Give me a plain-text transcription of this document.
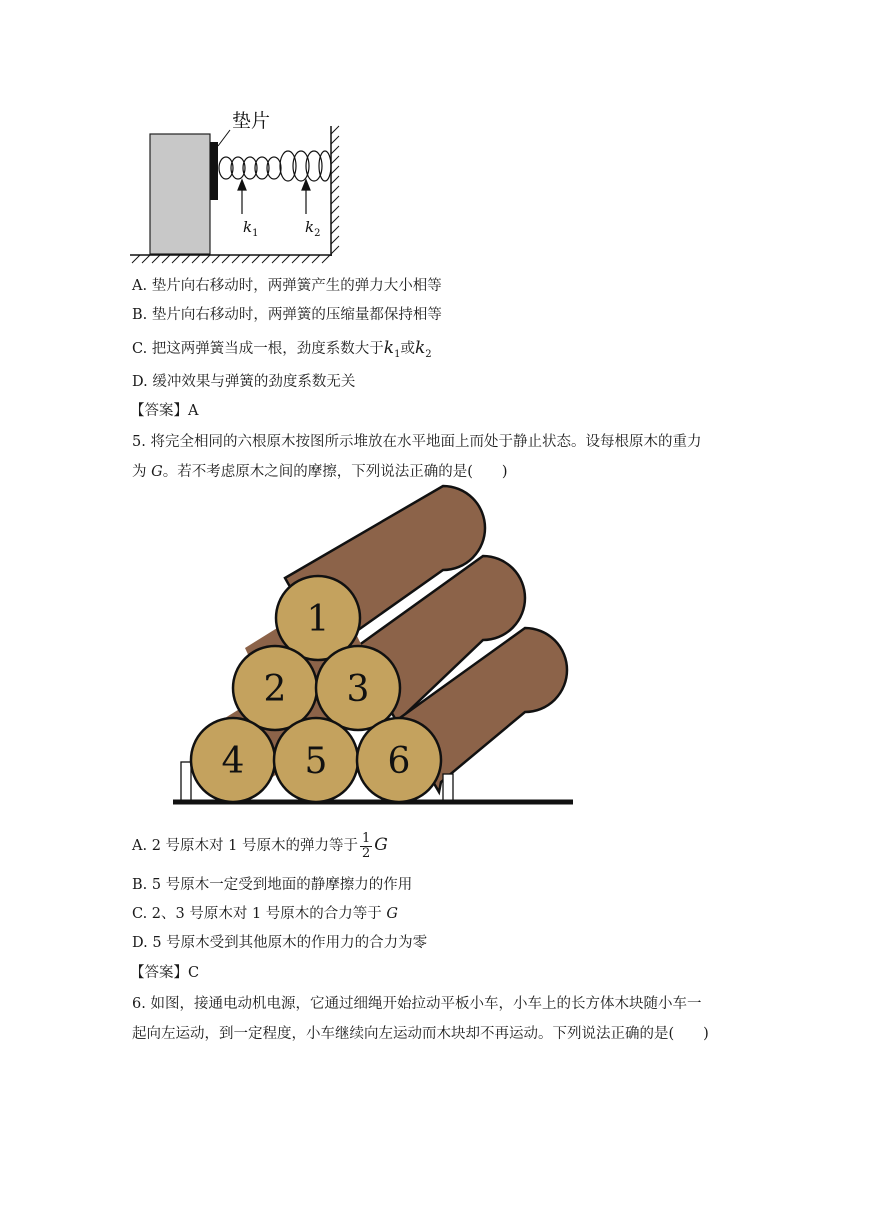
垫片
$k_1$	$k_2$

A. 垫片向右移动时，两弹簧产生的弹力大小相等

B. 垫片向右移动时，两弹簧的压缩量都保持相等

C. 把这两弹簧当成一根，劲度系数大于$k_1$或$k_2$

D. 缓冲效果与弹簧的劲度系数无关

【答案】A

5. 将完全相同的六根原木按图所示堆放在水平地面上而处于静止状态。设每根原木的重力

为 G。若不考虑原木之间的摩擦，下列说法正确的是(　　)

1
2 3
4 5 6

A. 2 号原木对 1 号原木的弹力等于 $\frac{1}{2}$ G

B. 5 号原木一定受到地面的静摩擦力的作用

C. 2、3 号原木对 1 号原木的合力等于 G

D. 5 号原木受到其他原木的作用力的合力为零

【答案】C

6. 如图，接通电动机电源，它通过细绳开始拉动平板小车，小车上的长方体木块随小车一

起向左运动，到一定程度，小车继续向左运动而木块却不再运动。下列说法正确的是(　　)
